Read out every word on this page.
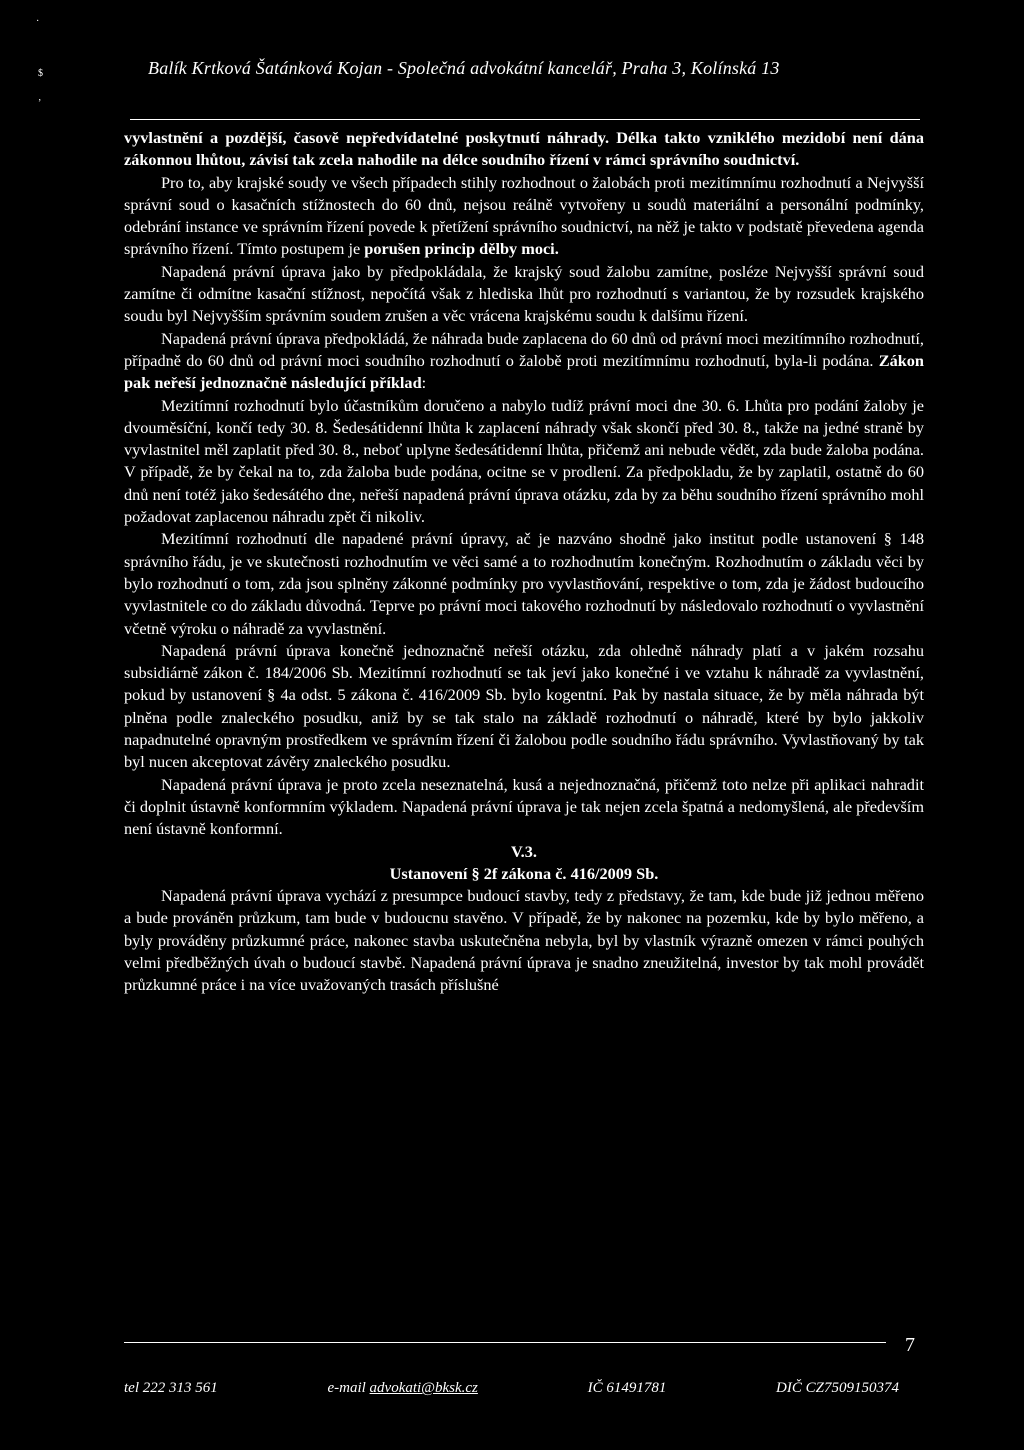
·
$
ʼ
Balík Krtková Šatánková Kojan - Společná advokátní kancelář, Praha 3, Kolínská 13

vyvlastnění a pozdější, časově nepředvídatelné poskytnutí náhrady. Délka takto vzniklého mezidobí není dána zákonnou lhůtou, závisí tak zcela nahodile na délce soudního řízení v rámci správního soudnictví.

Pro to, aby krajské soudy ve všech případech stihly rozhodnout o žalobách proti mezitímnímu rozhodnutí a Nejvyšší správní soud o kasačních stížnostech do 60 dnů, nejsou reálně vytvořeny u soudů materiální a personální podmínky, odebrání instance ve správním řízení povede k přetížení správního soudnictví, na něž je takto v podstatě převedena agenda správního řízení. Tímto postupem je porušen princip dělby moci.

Napadená právní úprava jako by předpokládala, že krajský soud žalobu zamítne, posléze Nejvyšší správní soud zamítne či odmítne kasační stížnost, nepočítá však z hlediska lhůt pro rozhodnutí s variantou, že by rozsudek krajského soudu byl Nejvyšším správním soudem zrušen a věc vrácena krajskému soudu k dalšímu řízení.

Napadená právní úprava předpokládá, že náhrada bude zaplacena do 60 dnů od právní moci mezitímního rozhodnutí, případně do 60 dnů od právní moci soudního rozhodnutí o žalobě proti mezitímnímu rozhodnutí, byla-li podána. Zákon pak neřeší jednoznačně následující příklad:

Mezitímní rozhodnutí bylo účastníkům doručeno a nabylo tudíž právní moci dne 30. 6. Lhůta pro podání žaloby je dvouměsíční, končí tedy 30. 8. Šedesátidenní lhůta k zaplacení náhrady však skončí před 30. 8., takže na jedné straně by vyvlastnitel měl zaplatit před 30. 8., neboť uplyne šedesátidenní lhůta, přičemž ani nebude vědět, zda bude žaloba podána. V případě, že by čekal na to, zda žaloba bude podána, ocitne se v prodlení. Za předpokladu, že by zaplatil, ostatně do 60 dnů není totéž jako šedesátého dne, neřeší napadená právní úprava otázku, zda by za běhu soudního řízení správního mohl požadovat zaplacenou náhradu zpět či nikoliv.

Mezitímní rozhodnutí dle napadené právní úpravy, ač je nazváno shodně jako institut podle ustanovení § 148 správního řádu, je ve skutečnosti rozhodnutím ve věci samé a to rozhodnutím konečným. Rozhodnutím o základu věci by bylo rozhodnutí o tom, zda jsou splněny zákonné podmínky pro vyvlastňování, respektive o tom, zda je žádost budoucího vyvlastnitele co do základu důvodná. Teprve po právní moci takového rozhodnutí by následovalo rozhodnutí o vyvlastnění včetně výroku o náhradě za vyvlastnění.

Napadená právní úprava konečně jednoznačně neřeší otázku, zda ohledně náhrady platí a v jakém rozsahu subsidiárně zákon č. 184/2006 Sb. Mezitímní rozhodnutí se tak jeví jako konečné i ve vztahu k náhradě za vyvlastnění, pokud by ustanovení § 4a odst. 5 zákona č. 416/2009 Sb. bylo kogentní. Pak by nastala situace, že by měla náhrada být plněna podle znaleckého posudku, aniž by se tak stalo na základě rozhodnutí o náhradě, které by bylo jakkoliv napadnutelné opravným prostředkem ve správním řízení či žalobou podle soudního řádu správního. Vyvlastňovaný by tak byl nucen akceptovat závěry znaleckého posudku.

Napadená právní úprava je proto zcela neseznatelná, kusá a nejednoznačná, přičemž toto nelze při aplikaci nahradit či doplnit ústavně konformním výkladem. Napadená právní úprava je tak nejen zcela špatná a nedomyšlená, ale především není ústavně konformní.

V.3.

Ustanovení § 2f zákona č. 416/2009 Sb.

Napadená právní úprava vychází z presumpce budoucí stavby, tedy z představy, že tam, kde bude již jednou měřeno a bude prováněn průzkum, tam bude v budoucnu stavěno. V případě, že by nakonec na pozemku, kde by bylo měřeno, a byly prováděny průzkumné práce, nakonec stavba uskutečněna nebyla, byl by vlastník výrazně omezen v rámci pouhých velmi předběžných úvah o budoucí stavbě. Napadená právní úprava je snadno zneužitelná, investor by tak mohl provádět průzkumné práce i na více uvažovaných trasách příslušné

7
tel 222 313 561	e-mail advokati@bksk.cz	IČ 61491781	DIČ CZ7509150374
